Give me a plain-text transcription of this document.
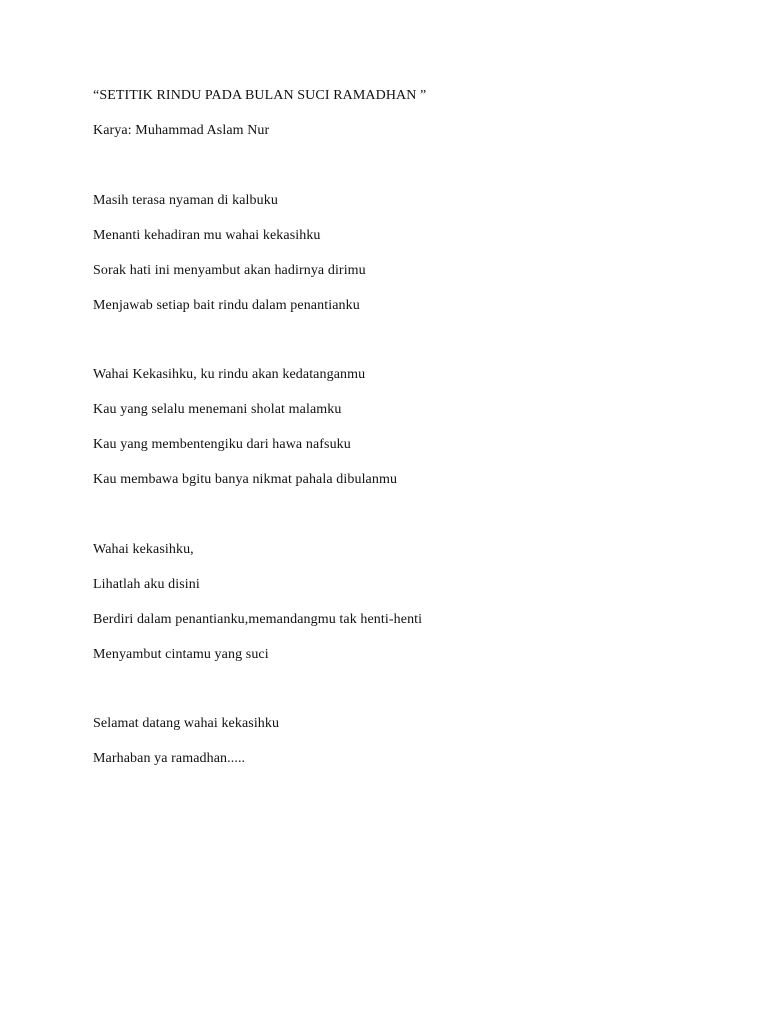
“SETITIK RINDU PADA BULAN SUCI RAMADHAN ”
Karya: Muhammad Aslam Nur
Masih terasa nyaman di kalbuku
Menanti kehadiran mu wahai kekasihku
Sorak hati ini menyambut akan hadirnya dirimu
Menjawab setiap bait rindu dalam penantianku
Wahai Kekasihku, ku rindu akan kedatanganmu
Kau yang selalu menemani sholat malamku
Kau yang membentengiku dari hawa nafsuku
Kau membawa bgitu banya nikmat pahala dibulanmu
Wahai kekasihku,
Lihatlah aku disini
Berdiri dalam penantianku,memandangmu tak henti-henti
Menyambut cintamu yang suci
Selamat datang wahai kekasihku
Marhaban ya ramadhan.....
